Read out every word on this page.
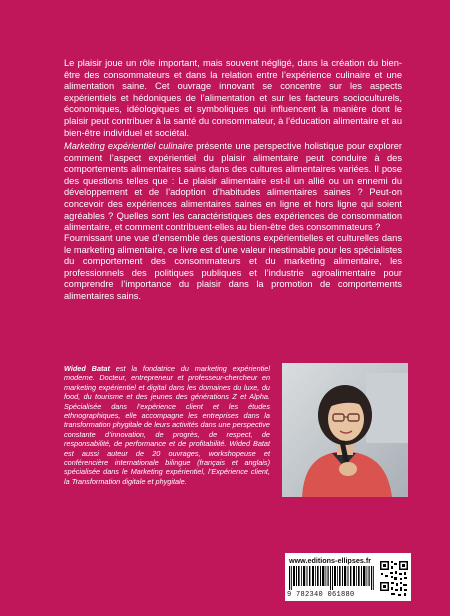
Le plaisir joue un rôle important, mais souvent négligé, dans la création du bien-être des consommateurs et dans la relation entre l’expérience culinaire et une alimentation saine. Cet ouvrage innovant se concentre sur les aspects expérientiels et hédoniques de l’alimentation et sur les facteurs socioculturels, économiques, idéologiques et symboliques qui influencent la manière dont le plaisir peut contribuer à la santé du consommateur, à l’éducation alimentaire et au bien-être individuel et sociétal.

Marketing expérientiel culinaire présente une perspective holistique pour explorer comment l’aspect expérientiel du plaisir alimentaire peut conduire à des comportements alimentaires sains dans des cultures alimentaires variées. Il pose des questions telles que : Le plaisir alimentaire est-il un allié ou un ennemi du développement et de l’adoption d’habitudes alimentaires saines ? Peut-on concevoir des expériences alimentaires saines en ligne et hors ligne qui soient agréables ? Quelles sont les caractéristiques des expériences de consommation alimentaire, et comment contribuent-elles au bien-être des consommateurs ?

Fournissant une vue d’ensemble des questions expérientielles et culturelles dans le marketing alimentaire, ce livre est d’une valeur inestimable pour les spécialistes du comportement des consommateurs et du marketing alimentaire, les professionnels des politiques publiques et l’industrie agroalimentaire pour comprendre l’importance du plaisir dans la promotion de comportements alimentaires sains.

Wided Batat est la fondatrice du marketing expérientiel moderne. Docteur, entrepreneur et professeur-chercheur en marketing expérientiel et digital dans les domaines du luxe, du food, du tourisme et des jeunes des générations Z et Alpha. Spécialisée dans l’expérience client et les études ethnographiques, elle accompagne les entreprises dans la transformation phygitale de leurs activités dans une perspective constante d’innovation, de progrès, de respect, de responsabilité, de performance et de profitabilité. Wided Batat est aussi auteur de 20 ouvrages, workshopeuse et conférencière internationale bilingue (français et anglais) spécialisée dans le Marketing expérientiel, l’Expérience client, la Transformation digitale et phygitale.

www.editions-ellipses.fr
9 782340 061880
